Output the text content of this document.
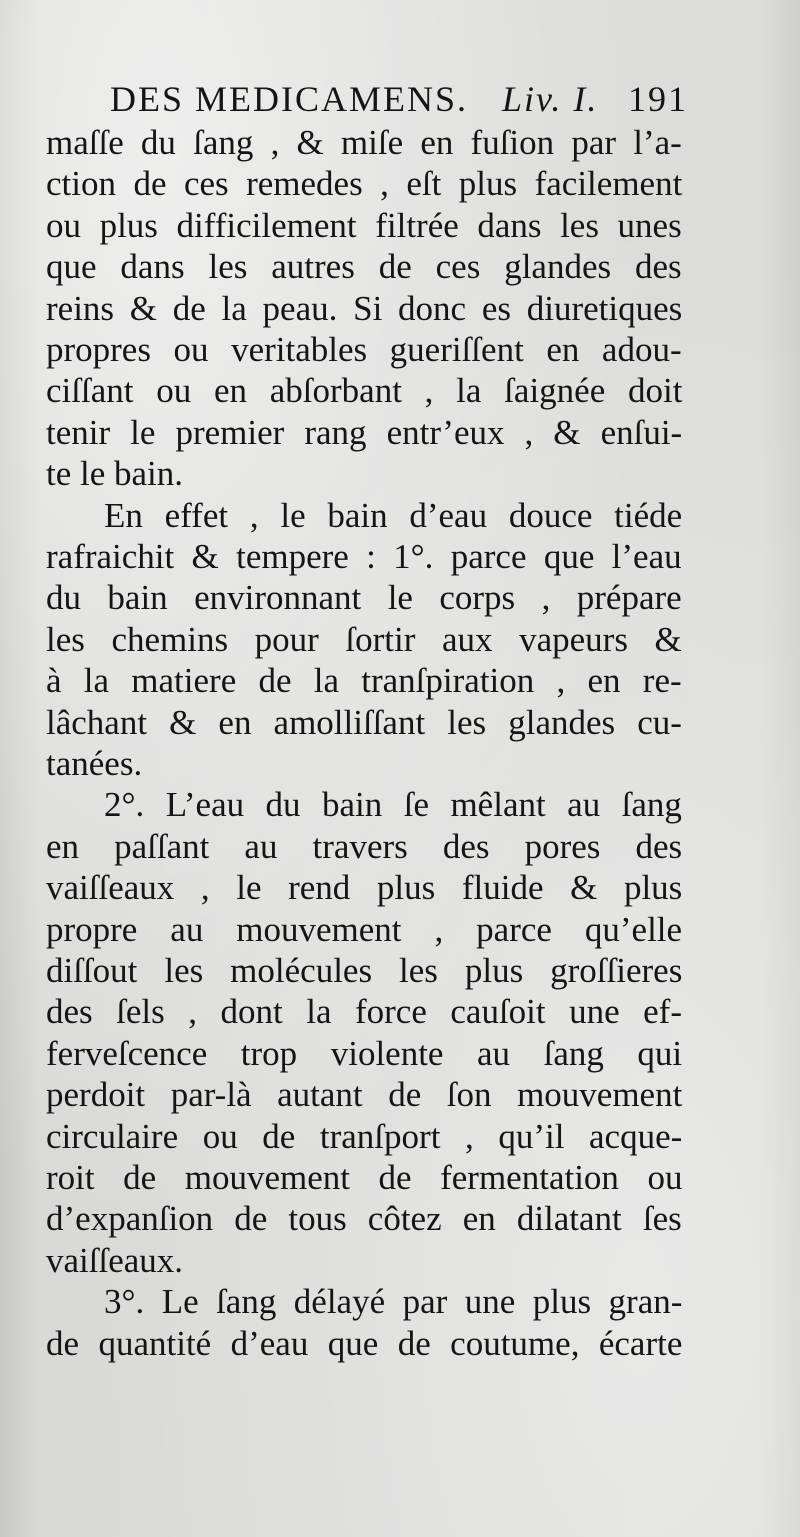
DES MEDICAMENS. Liv. I. 191
maſſe du ſang , & miſe en fuſion par l’a-
ction de ces remedes , eſt plus facilement
ou plus difficilement filtrée dans les unes
que dans les autres de ces glandes des
reins & de la peau. Si donc es diuretiques
propres ou veritables gueriſſent en adou-
ciſſant ou en abſorbant , la ſaignée doit
tenir le premier rang entr’eux , & enſui-
te le bain.
En effet , le bain d’eau douce tiéde
rafraichit & tempere : 1°. parce que l’eau
du bain environnant le corps , prépare
les chemins pour ſortir aux vapeurs &
à la matiere de la tranſpiration , en re-
lâchant & en amolliſſant les glandes cu-
tanées.
2°. L’eau du bain ſe mêlant au ſang
en paſſant au travers des pores des
vaiſſeaux , le rend plus fluide & plus
propre au mouvement , parce qu’elle
diſſout les molécules les plus groſſieres
des ſels , dont la force cauſoit une ef-
ferveſcence trop violente au ſang qui
perdoit par-là autant de ſon mouvement
circulaire ou de tranſport , qu’il acque-
roit de mouvement de fermentation ou
d’expanſion de tous côtez en dilatant ſes
vaiſſeaux.
3°. Le ſang délayé par une plus gran-
de quantité d’eau que de coutume, écarte
